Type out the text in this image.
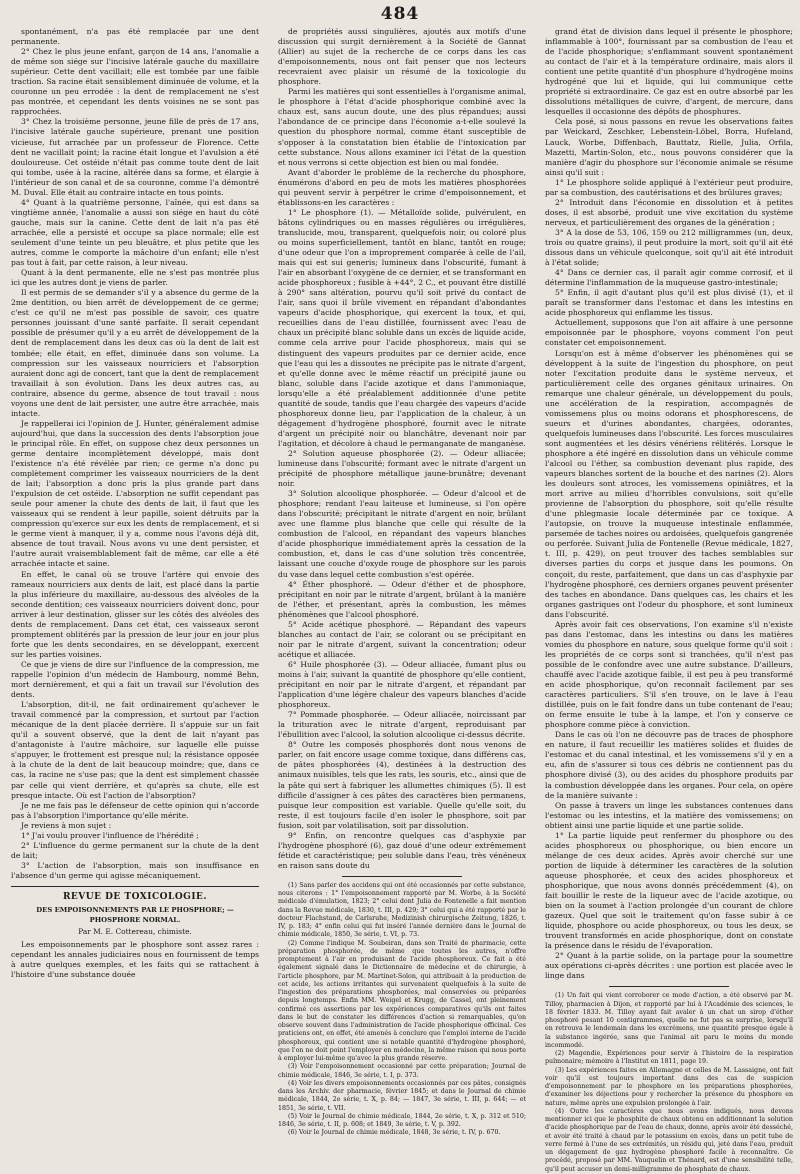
484

spontanément, n'a pas été remplacée par une dent permanente.

2° Chez le plus jeune enfant, garçon de 14 ans, l'anomalie a de même son siége sur l'incisive latérale gauche du maxillaire supérieur. Cette dent vacillait; elle est tombée par une faible traction. Sa racine était sensiblement diminuée de volume, et la couronne un peu errodée : la dent de remplacement ne s'est pas montrée, et cependant les dents voisines ne se sont pas rapprochées.

3° Chez la troisième personne, jeune fille de près de 17 ans, l'incisive latérale gauche supérieure, prenant une position vicieuse, fut arrachée par un professeur de Florence. Cette dent ne vacillait point; la racine était longue et l'avulsion a été douloureuse. Cet ostéide n'était pas comme toute dent de lait qui tombe, usée à la racine, altérée dans sa forme, et élargie à l'intérieur de son canal et de sa couronne, comme l'a démontré M. Duval. Elle était au contraire intacte en tous points.

4° Quant à la quatrième personne, l'aînée, qui est dans sa vingtième année, l'anomalie a aussi son siége en haut du côté gauche, mais sur la canine. Cette dent de lait n'a pas été arrachée, elle a persisté et occupe sa place normale; elle est seulement d'une teinte un peu bleuâtre, et plus petite que les autres, comme le comporte la mâchoire d'un enfant; elle n'est pas tout à fait, par cette raison, à leur niveau.

Quant à la dent permanente, elle ne s'est pas montrée plus ici que les autres dont je viens de parler.

Il est permis de se demander s'il y a absence du germe de la 2me dentition, ou bien arrêt de développement de ce germe; c'est ce qu'il ne m'est pas possible de savoir, ces quatre personnes jouissant d'une santé parfaite. Il serait cependant possible de présumer qu'il y a eu arrêt de développement de la dent de remplacement dans les deux cas où la dent de lait est tombée; elle était, en effet, diminuée dans son volume. La compression sur les vaisseaux nourriciers et l'absorption auraient donc agi de concert, tant que la dent de remplacement travaillait à son évolution. Dans les deux autres cas, au contraire, absence du germe, absence de tout travail : nous voyons une dent de lait persister, une autre être arrachée, mais intacte.

Je rappellerai ici l'opinion de J. Hunter, généralement admise aujourd'hui, que dans la succession des dents l'absorption joue le principal rôle. En effet, on suppose chez deux personnes un germe dentaire incomplètement développé, mais dont l'existence n'a été révélée par rien; ce germe n'a donc pu complètement comprimer les vaisseaux nourriciers de la dent de lait; l'absorption a donc pris la plus grande part dans l'expulsion de cet ostéide. L'absorption ne suffit cependant pas seule pour amener la chute des dents de lait, il faut que les vaisseaux qui se rendent à leur papille, soient détruits par la compression qu'exerce sur eux les dents de remplacement, et si le germe vient à manquer, il y a, comme nous l'avons déjà dit, absence de tout travail. Nous avons vu une dent persister, et l'autre aurait vraisemblablement fait de même, car elle a été arrachée intacte et saine.

En effet, le canal où se trouve l'artère qui envoie des rameaux nourriciers aux dents de lait, est placé dans la partie la plus inférieure du maxillaire, au-dessous des alvéoles de la seconde dentition; ces vaisseaux nourriciers doivent donc, pour arriver à leur destination, glisser sur les côtés des alvéoles des dents de remplacement. Dans cet état, ces vaisseaux seront promptement oblitérés par la pression de leur jour en jour plus forte que les dents secondaires, en se développant, exercent sur les parties voisines.

Ce que je viens de dire sur l'influence de la compression, me rappelle l'opinion d'un médecin de Hambourg, nommé Behn, mort dernièrement, et qui a fait un travail sur l'évolution des dents.

L'absorption, dit-il, ne fait ordinairement qu'achever le travail commencé par la compression, et surtout par l'action mécanique de la dent placée derrière. Il s'appuie sur un fait qu'il a souvent observé, que la dent de lait n'ayant pas d'antagoniste à l'autre mâchoire, sur laquelle elle puisse s'appuyer, le frottement est presque nul; la résistance opposée à la chute de la dent de lait beaucoup moindre; que, dans ce cas, la racine ne s'use pas; que la dent est simplement chassée par celle qui vient derrière, et qu'après sa chute, elle est presque intacte. Où est l'action de l'absorption?

Je ne me fais pas le défenseur de cette opinion qui n'accorde pas à l'absorption l'importance qu'elle mérite.

Je reviens à mon sujet :

1° J'ai voulu prouver l'influence de l'hérédité ;

2° L'influence du germe permanent sur la chute de la dent de lait;

3° L'action de l'absorption, mais son insuffisance en l'absence d'un germe qui agisse mécaniquement.

REVUE DE TOXICOLOGIE.
DES EMPOISONNEMENTS PAR LE PHOSPHORE; — PHOSPHORE NORMAL.
Par M. E. Cottereau, chimiste.

Les empoisonnements par le phosphore sont assez rares : cependant les annales judiciaires nous en fournissent de temps à autre quelques exemples, et les faits qui se rattachent à l'histoire d'une substance douée

de propriétés aussi singulières, ajoutés aux motifs d'une discussion qui surgit dernièrement à la Société de Gannat (Allier) au sujet de la recherche de ce corps dans les cas d'empoisonnements, nous ont fait penser que nos lecteurs recevraient avec plaisir un résumé de la toxicologie du phosphore.

Parmi les matières qui sont essentielles à l'organisme animal, le phosphore à l'état d'acide phosphorique combiné avec la chaux est, sans aucun doute, une des plus répandues; aussi l'abondance de ce principe dans l'économie a-t-elle soulevé la question du phosphore normal, comme étant susceptible de s'opposer à la constatation bien établie de l'intoxication par cette substance. Nous allons examiner ici l'état de la question et nous verrons si cette objection est bien ou mal fondée.

Avant d'aborder le problème de la recherche du phosphore, énumérons d'abord en peu de mots les matières phosphorées qui peuvent servir à perpétrer le crime d'empoisonnement, et établissons-en les caractères :

1° Le phosphore (1). — Métalloïde solide, pulvérulent, en bâtons cylindriques ou en masses régulières ou irrégulières, translucide, mou, transparent, quelquefois noir, ou coloré plus ou moins superficiellement, tantôt en blanc, tantôt en rouge; d'une odeur que l'on a improprement comparée à celle de l'ail, mais qui est sui generis; lumineux dans l'obscurité, fumant à l'air en absorbant l'oxygène de ce dernier, et se transformant en acide phosphoreux ; fusible à +44°, 2 C., et pouvant être distillé à 290° sans altération, pourvu qu'il soit privé du contact de l'air, sans quoi il brûle vivement en répandant d'abondantes vapeurs d'acide phosphorique, qui exercent la toux, et qui, recueillies dans de l'eau distillée, fournissent avec l'eau de chaux un précipité blanc soluble dans un excès de liquide acide, comme cela arrive pour l'acide phosphoreux, mais qui se distinguent des vapeurs produites par ce dernier acide, ence que l'eau qui les a dissoutes ne précipite pas le nitrate d'argent, et qu'elle donne avec le même réactif un précipité jaune ou blanc, soluble dans l'acide azotique et dans l'ammoniaque, lorsqu'elle a été préalablement additionnée d'une petite quantité de soude, tandis que l'eau chargée des vapeurs d'acide phosphoreux donne lieu, par l'application de la chaleur, à un dégagement d'hydrogène phosphoré, fournit avec le nitrate d'argent un précipité noir ou blanchâtre, devenant noir par l'agitation, et décolore à chaud le permanganate de manganèse.

2° Solution aqueuse phosphorée (2). — Odeur alliacée; lumineuse dans l'obscurité; formant avec le nitrate d'argent un précipité de phosphore métallique jaune-brunâtre; devenant noir.

3° Solution alcoolique phosphorée. — Odeur d'alcool et de phosphore; rendant l'eau laiteuse et lumineuse, si l'on opère dans l'obscurité; précipitant le nitrate d'argent en noir, brûlant avec une flamme plus blanche que celle qui résulte de la combustion de l'alcool, en répandant des vapeurs blanches d'acide phosphorique immédiatement après la cessation de la combustion, et, dans le cas d'une solution très concentrée, laissant une couche d'oxyde rouge de phosphore sur les parois du vase dans lequel cette combustion s'est opérée.

4° Éther phosphoré. — Odeur d'éther et de phosphore, précipitant en noir par le nitrate d'argent, brûlant à la manière de l'éther, et présentant, après la combustion, les mêmes phénomènes que l'alcool phosphoré.

5° Acide acétique phosphoré. — Répandant des vapeurs blanches au contact de l'air, se colorant ou se précipitant en noir par le nitrate d'argent, suivant la concentration; odeur acétique et alliacée.

6° Huile phosphorée (3). — Odeur alliacée, fumant plus ou moins à l'air, suivant la quantité de phosphore qu'elle contient, précipitant en noir par le nitrate d'argent, et répandant par l'application d'une légère chaleur des vapeurs blanches d'acide phosphoreux.

7° Pommade phosphorée. — Odeur alliacée, noircissant par la trituration avec le nitrate d'argent, reproduisant par l'ébullition avec l'alcool, la solution alcoolique ci-dessus décrite.

8° Outre les composés phosphorés dont nous venons de parler, on fait encore usage comme toxique, dans différens cas, de pâtes phosphorées (4), destinées à la destruction des animaux nuisibles, tels que les rats, les souris, etc., ainsi que de la pâte qui sert à fabriquer les allumettes chimiques (5). Il est difficile d'assigner à ces pâtes des caractères bien permanens, puisque leur composition est variable. Quelle qu'elle soit, du reste, il est toujours facile d'en isoler le phosphore, soit par fusion, soit par volatilisation, soit par dissolution.

9° Enfin, on rencontre quelques cas d'asphyxie par l'hydrogène phosphoré (6), gaz doué d'une odeur extrêmement fétide et caractéristique; peu soluble dans l'eau, très vénéneux en raison sans doute du

(1) Sans parler des accidens qui ont été occasionnés par cette substance, nous citerons : 1° l'empoisonnement rapporté par M. Worbe, à la Société médicale d'émulation, 1823; 2° celui dont Julia de Fontenelle a fait mention dans la Revue médicale, 1830, t. III, p. 429; 3° celui qui a été rapporté par le docteur Flachstand, de Carlsruhe, Medizinish chirurgische Zeitung, 1826, t. IV, p. 183; 4° enfin celui qui fut inséré l'année dernière dans le Journal de chimie médicale, 1850, 3e série, t. VI, p. 73.

(2) Comme l'indique M. Soubeiran, dans son Traité de pharmacie, cette préparation phosphorée, de même que toutes les autres, n'offre promptement à l'air en produisant de l'acide phosphoreux. Ce fait a été également signalé dans le Dictionnaire de médecine et de chirurgie, à l'article phosphore, par M. Martinet-Solon, qui attribuait à la production de cet acide, les actions irritantes qui survenaient quelquefois à la suite de l'ingestion des préparations phosphorées, mal conservées ou préparées depuis longtemps. Enfin MM. Weigel et Krugg, de Cassel, ont pleinement confirmé ces assertions par les expériences comparatives qu'ils ont faites dans le but de constater les différences d'action si remarquables, qu'on observe souvent dans l'administration de l'acide phosphorique officinal. Ces praticiens ont, en effet, été amenés à conclure que l'emploi interne de l'acide phosphoreux, qui contient une si notable quantité d'hydrogène phosphoré, que l'on ne doit point l'employer en médecine, la même raison qui nous porte à employer lui-même qu'avec la plus grande réserve.

(3) Voir l'empoisonnement occasionné par cette préparation; Journal de chimie médicale, 1846, 3e série, t. I, p. 373.

(4) Voir les divers empoisonnements occasionnés par ces pâtes, consignés dans les Archiv. der pharmacie, février 1845; et dans le Journal de chimie médicale, 1844, 2e série, t. X, p. 84; — 1847, 3e série, t. III, p. 644; — et 1851, 3e série, t. VII.

(5) Voir le Journal de chimie médicale, 1844, 2e série, t. X, p. 312 et 510; 1846, 3e série, t. II, p. 608; et 1849, 3e série, t. V, p. 392.

(6) Voir le Journal de chimie médicale, 1848, 3e série, t. IV, p. 670.

grand état de division dans lequel il présente le phosphore; inflammable à 100°, fournissant par sa combustion de l'eau et de l'acide phosphorique; s'enflammant souvent spontanément au contact de l'air et à la température ordinaire, mais alors il contient une petite quantité d'un phosphure d'hydrogène moins hydrogéné que lui et liquide, qui lui communique cette propriété si extraordinaire. Ce gaz est en outre absorbé par les dissolutions métalliques de cuivre, d'argent, de mercure, dans lesquelles il occasionne des dépôts de phosphures.

Cela posé, si nous passons en revue les observations faites par Weickard, Zeschker, Lebenstein-Löbel, Borra, Hufeland, Lauck, Worbe, Diffenbach, Bauttatz, Rielle, Julia, Orfila, Mazetti, Martin-Solon, etc., nous pouvons considérer que la manière d'agir du phosphore sur l'économie animale se résume ainsi qu'il suit :

1° Le phosphore solide appliqué à l'extérieur peut produire, par sa combustion, des cautérisations et des brûlures graves;

2° Introduit dans l'économie en dissolution et à petites doses, il est absorbé, produit une vive excitation du système nerveux, et particulièrement des organes de la génération ;

3° A la dose de 53, 106, 159 ou 212 milligrammes (un, deux, trois ou quatre grains), il peut produire la mort, soit qu'il ait été dissous dans un véhicule quelconque, soit qu'il ait été introduit à l'état solide;

4° Dans ce dernier cas, il paraît agir comme corrosif, et il détermine l'inflammation de la muqueuse gastro-intestinale;

5° Enfin, il agit d'autant plus qu'il est plus divisé (1), et il paraît se transformer dans l'estomac et dans les intestins en acide phosphoreux qui enflamme les tissus.

Actuellement, supposons que l'on ait affaire à une personne empoisonnée par le phosphore, voyons comment l'on peut constater cet empoisonnement.

Lorsqu'on est à même d'observer les phénomènes qui se développent à la suite de l'ingestion du phosphore, on peut noter l'excitation produite dans le système nerveux, et particulièrement celle des organes génitaux urinaires. On remarque une chaleur générale, un développement du pouls, une accélération de la respiration, accompagnés de vomissemens plus ou moins odorans et phosphorescens, de sueurs et d'urines abondantes, chargées, odorantes, quelquefois lumineuses dans l'obscurité. Les forces musculaires sont augmentées et les désirs vénériens rélitérés. Lorsque le phosphore a été ingéré en dissolution dans un véhicule comme l'alcool ou l'éther, sa combustion devenant plus rapide, des vapeurs blanches sortent de la bouche et des narines (2). Alors les douleurs sont atroces, les vomissemens opiniâtres, et la mort arrive au milieu d'horribles convulsions, soit qu'elle provienne de l'absorption du phosphore, soit qu'elle résulte d'une phlegmasie locale déterminée par ce toxique. A l'autopsie, on trouve la muqueuse intestinale enflammée, parsemée de taches noires ou ardoisées, quelquefois gangrenée ou perforée. Suivant Julia de Fontenelle (Revue médicale, 1827, t. III, p. 429), on peut trouver des taches semblables sur diverses parties du corps et jusque dans les poumons. On conçoit, du reste, parfaitement, que dans un cas d'asphyxie par l'hydrogène phosphoré, ces derniers organes peuvent présenter des taches en abondance. Dans quelques cas, les chairs et les organes gastriques ont l'odeur du phosphore, et sont lumineux dans l'obscurité.

Après avoir fait ces observations, l'on examine s'il n'existe pas dans l'estomac, dans les intestins ou dans les matières vomies du phosphore en nature, sous quelque forme qu'il soit : les propriétés de ce corps sont si tranchées, qu'il n'est pas possible de le confondre avec une autre substance. D'ailleurs, chauffé avec l'acide azotique faible, il est peu à peu transformé en acide phosphorique, qu'on reconnaît facilement par ses caractères particuliers. S'il s'en trouve, on le lave à l'eau distillée, puis on le fait fondre dans un tube contenant de l'eau; on ferme ensuite le tube à la lampe, et l'on y conserve ce phosphore comme pièce à conviction.

Dans le cas où l'on ne découvre pas de traces de phosphore en nature, il faut recueillir les matières solides et fluides de l'estomac et du canal intestinal, et les vomissemens s'il y en a eu, afin de s'assurer si tous ces débris ne contiennent pas du phosphore divisé (3), ou des acides du phosphore produits par la combustion développée dans les organes. Pour cela, on opère de la manière suivante :

On passe à travers un linge les substances contenues dans l'estomac ou les intestins, et la matière des vomissemens; on obtient ainsi une partie liquide et une partie solide.

1° La partie liquide peut renfermer du phosphore ou des acides phosphoreux ou phosphorique, ou bien encore un mélange de ces deux acides. Après avoir cherché sur une portion de liquide à déterminer les caractères de la solution aqueuse phosphorée, et ceux des acides phosphoreux et phosphorique, que nous avons donnés précédemment (4), on fait bouillir le reste de la liqueur avec de l'acide azotique, ou bien on la soumet à l'action prolongée d'un courant de chlore gazeux. Quel que soit le traitement qu'on fasse subir à ce liquide, phosphore ou acide phosphoreux, ou tous les deux, se trouvent transformés en acide phosphorique, dont on constate la présence dans le résidu de l'évaporation.

2° Quant à la partie solide, on la partage pour la soumettre aux opérations ci-après décrites : une portion est placée avec le linge dans

(1) Un fait qui vient corroborer ce mode d'action, a été observé par M. Tilloy, pharmacien à Dijon, et rapporté par lui à l'Académie des sciences, le 18 février 1833. M. Tilloy ayant fait avaler à un chat un sirop d'éther phosphoré pesant 10 centigrammes, quelle ne fut pas sa surprise, lorsqu'il en retrouva le lendemain dans les excrémens, une quantité presque égale à la substance ingérée, sans que l'animal ait paru le moins du monde incommodé.

(2) Magendie, Expériences pour servir à l'histoire de la respiration pulmonaire; mémoire à l'Institut en 1811, page 19.

(3) Les expériences faites en Allemagne et celles de M. Lassaigne, ont fait voir qu'il est toujours important dans des cas de suspicion d'empoisonnement par le phosphore en les préparations phosphorées, d'examiner les déjections pour y rechercher la présence du phosphore en nature, même après une expulsion prolongée à l'air.

(4) Outre les caractères que nous avons indiqués, nous devons mentionner ici que le phosphite de chaux obtenu en additionnant la solution d'acide phosphorique par de l'eau de chaux, donne, après avoir été desséché, et avoir été traité à chaud par le potassium en excès, dans un petit tube de verre fermé à l'une de ses extrémités, un résidu qui, jeté dans l'eau, produit un dégagement de gaz hydrogène phosphoré facile à reconnaître. Ce procédé, proposé par MM. Vauquelin et Thénard, est d'une sensibilité telle, qu'il peut accuser un demi-milligramme de phosphate de chaux.
